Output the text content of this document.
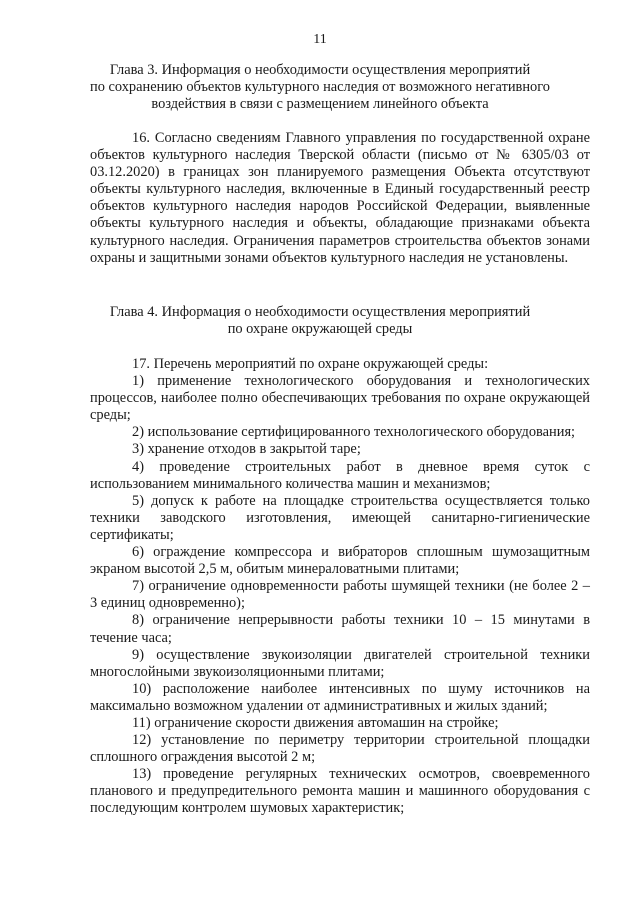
11
Глава 3. Информация о необходимости осуществления мероприятий
по сохранению объектов культурного наследия от возможного негативного
воздействия в связи с размещением линейного объекта

16. Согласно сведениям Главного управления по государственной охране объектов культурного наследия Тверской области (письмо от № 6305/03 от 03.12.2020) в границах зон планируемого размещения Объекта отсутствуют объекты культурного наследия, включенные в Единый государственный реестр объектов культурного наследия народов Российской Федерации, выявленные объекты культурного наследия и объекты, обладающие признаками объекта культурного наследия. Ограничения параметров строительства объектов зонами охраны и защитными зонами объектов культурного наследия не установлены.

Глава 4. Информация о необходимости осуществления мероприятий
по охране окружающей среды

17. Перечень мероприятий по охране окружающей среды:

1) применение технологического оборудования и технологических процессов, наиболее полно обеспечивающих требования по охране окружающей среды;

2) использование сертифицированного технологического оборудования;

3) хранение отходов в закрытой таре;

4) проведение строительных работ в дневное время суток с использованием минимального количества машин и механизмов;

5) допуск к работе на площадке строительства осуществляется только техники заводского изготовления, имеющей санитарно-гигиенические сертификаты;

6) ограждение компрессора и вибраторов сплошным шумозащитным экраном высотой 2,5 м, обитым минераловатными плитами;

7) ограничение одновременности работы шумящей техники (не более 2 – 3 единиц одновременно);

8) ограничение непрерывности работы техники 10 – 15 минутами в течение часа;

9) осуществление звукоизоляции двигателей строительной техники многослойными звукоизоляционными плитами;

10) расположение наиболее интенсивных по шуму источников на максимально возможном удалении от административных и жилых зданий;

11) ограничение скорости движения автомашин на стройке;

12) установление по периметру территории строительной площадки сплошного ограждения высотой 2 м;

13) проведение регулярных технических осмотров, своевременного планового и предупредительного ремонта машин и машинного оборудования с последующим контролем шумовых характеристик;
